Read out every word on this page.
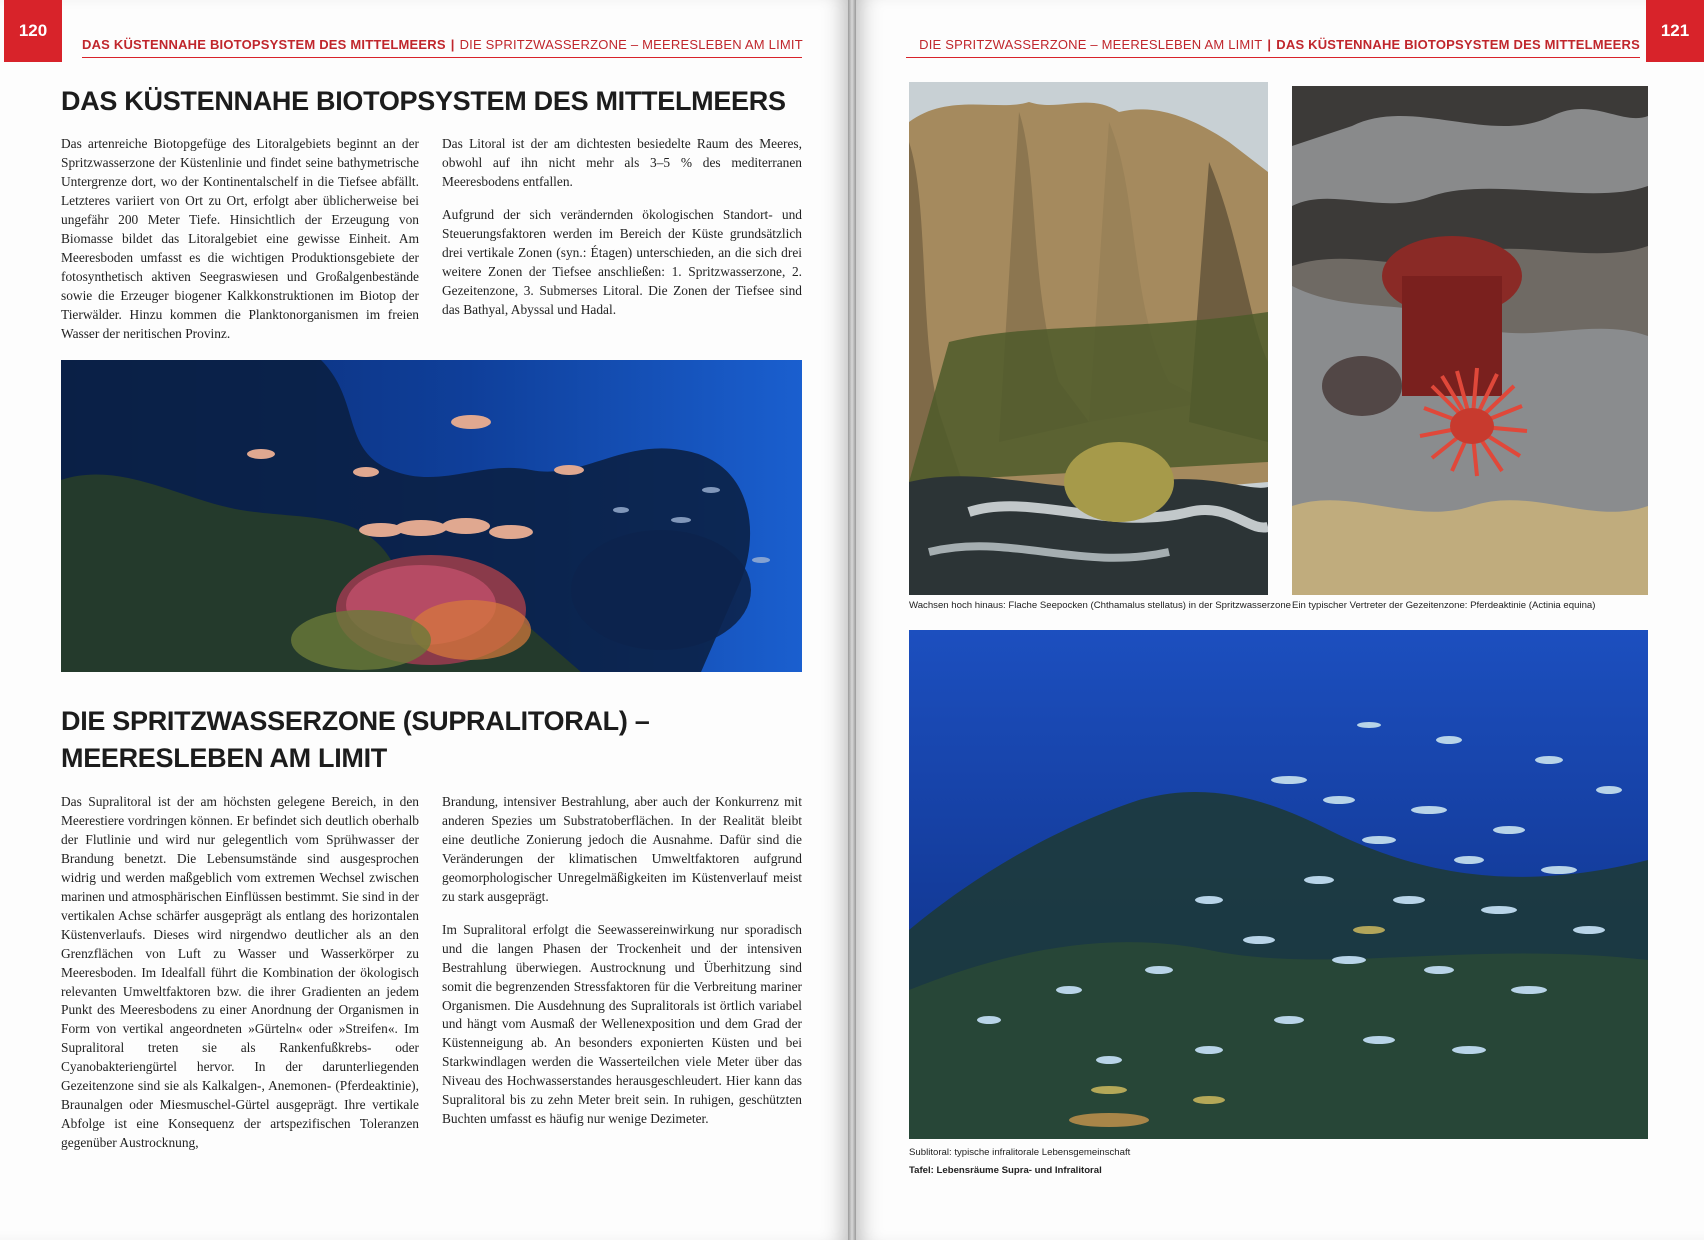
120
DAS KÜSTENNAHE BIOTOPSYSTEM DES MITTELMEERS | DIE SPRITZWASSERZONE – MEERESLEBEN AM LIMIT
DAS KÜSTENNAHE BIOTOPSYSTEM DES MITTELMEERS

Das artenreiche Biotopgefüge des Litoralgebiets beginnt an der Spritzwasserzone der Küstenlinie und findet seine bathymetrische Untergrenze dort, wo der Kontinentalschelf in die Tiefsee abfällt. Letzteres variiert von Ort zu Ort, erfolgt aber üblicherweise bei ungefähr 200 Meter Tiefe. Hinsichtlich der Erzeugung von Biomasse bildet das Litoralgebiet eine gewisse Einheit. Am Meeresboden umfasst es die wichtigen Produktionsgebiete der fotosynthetisch aktiven Seegraswiesen und Großalgenbestände sowie die Erzeuger biogener Kalkkonstruktionen im Biotop der Tierwälder. Hinzu kommen die Planktonorganismen im freien Wasser der neritischen Provinz.

Das Litoral ist der am dichtesten besiedelte Raum des Meeres, obwohl auf ihn nicht mehr als 3–5 % des mediterranen Meeresbodens entfallen.

Aufgrund der sich verändernden ökologischen Standort- und Steuerungsfaktoren werden im Bereich der Küste grundsätzlich drei vertikale Zonen (syn.: Étagen) unterschieden, an die sich drei weitere Zonen der Tiefsee anschließen: 1. Spritzwasserzone, 2. Gezeitenzone, 3. Submerses Litoral. Die Zonen der Tiefsee sind das Bathyal, Abyssal und Hadal.

DIE SPRITZWASSERZONE (SUPRALITORAL) –
MEERESLEBEN AM LIMIT

Das Supralitoral ist der am höchsten gelegene Bereich, in den Meerestiere vordringen können. Er befindet sich deutlich oberhalb der Flutlinie und wird nur gelegentlich vom Sprühwasser der Brandung benetzt. Die Lebensumstände sind ausgesprochen widrig und werden maßgeblich vom extremen Wechsel zwischen marinen und atmosphärischen Einflüssen bestimmt. Sie sind in der vertikalen Achse schärfer ausgeprägt als entlang des horizontalen Küstenverlaufs. Dieses wird nirgendwo deutlicher als an den Grenzflächen von Luft zu Wasser und Wasserkörper zu Meeresboden. Im Idealfall führt die Kombination der ökologisch relevanten Umweltfaktoren bzw. die ihrer Gradienten an jedem Punkt des Meeresbodens zu einer Anordnung der Organismen in Form von vertikal angeordneten »Gürteln« oder »Streifen«. Im Supralitoral treten sie als Rankenfußkrebs- oder Cyanobakteriengürtel hervor. In der darunterliegenden Gezeitenzone sind sie als Kalkalgen-, Anemonen- (Pferdeaktinie), Braunalgen oder Miesmuschel-Gürtel ausgeprägt. Ihre vertikale Abfolge ist eine Konsequenz der artspezifischen Toleranzen gegenüber Austrocknung,

Brandung, intensiver Bestrahlung, aber auch der Konkurrenz mit anderen Spezies um Substratoberflächen. In der Realität bleibt eine deutliche Zonierung jedoch die Ausnahme. Dafür sind die Veränderungen der klimatischen Umweltfaktoren aufgrund geomorphologischer Unregelmäßigkeiten im Küstenverlauf meist zu stark ausgeprägt.

Im Supralitoral erfolgt die Seewassereinwirkung nur sporadisch und die langen Phasen der Trockenheit und der intensiven Bestrahlung überwiegen. Austrocknung und Überhitzung sind somit die begrenzenden Stressfaktoren für die Verbreitung mariner Organismen. Die Ausdehnung des Supralitorals ist örtlich variabel und hängt vom Ausmaß der Wellenexposition und dem Grad der Küstenneigung ab. An besonders exponierten Küsten und bei Starkwindlagen werden die Wasserteilchen viele Meter über das Niveau des Hochwasserstandes herausgeschleudert. Hier kann das Supralitoral bis zu zehn Meter breit sein. In ruhigen, geschützten Buchten umfasst es häufig nur wenige Dezimeter.

DIE SPRITZWASSERZONE – MEERESLEBEN AM LIMIT | DAS KÜSTENNAHE BIOTOPSYSTEM DES MITTELMEERS
121
Wachsen hoch hinaus: Flache Seepocken (Chthamalus stellatus) in der Spritzwasserzone Ein typischer Vertreter der Gezeitenzone: Pferdeaktinie (Actinia equina)
Sublitoral: typische infralitorale Lebensgemeinschaft
Tafel: Lebensräume Supra- und Infralitoral
